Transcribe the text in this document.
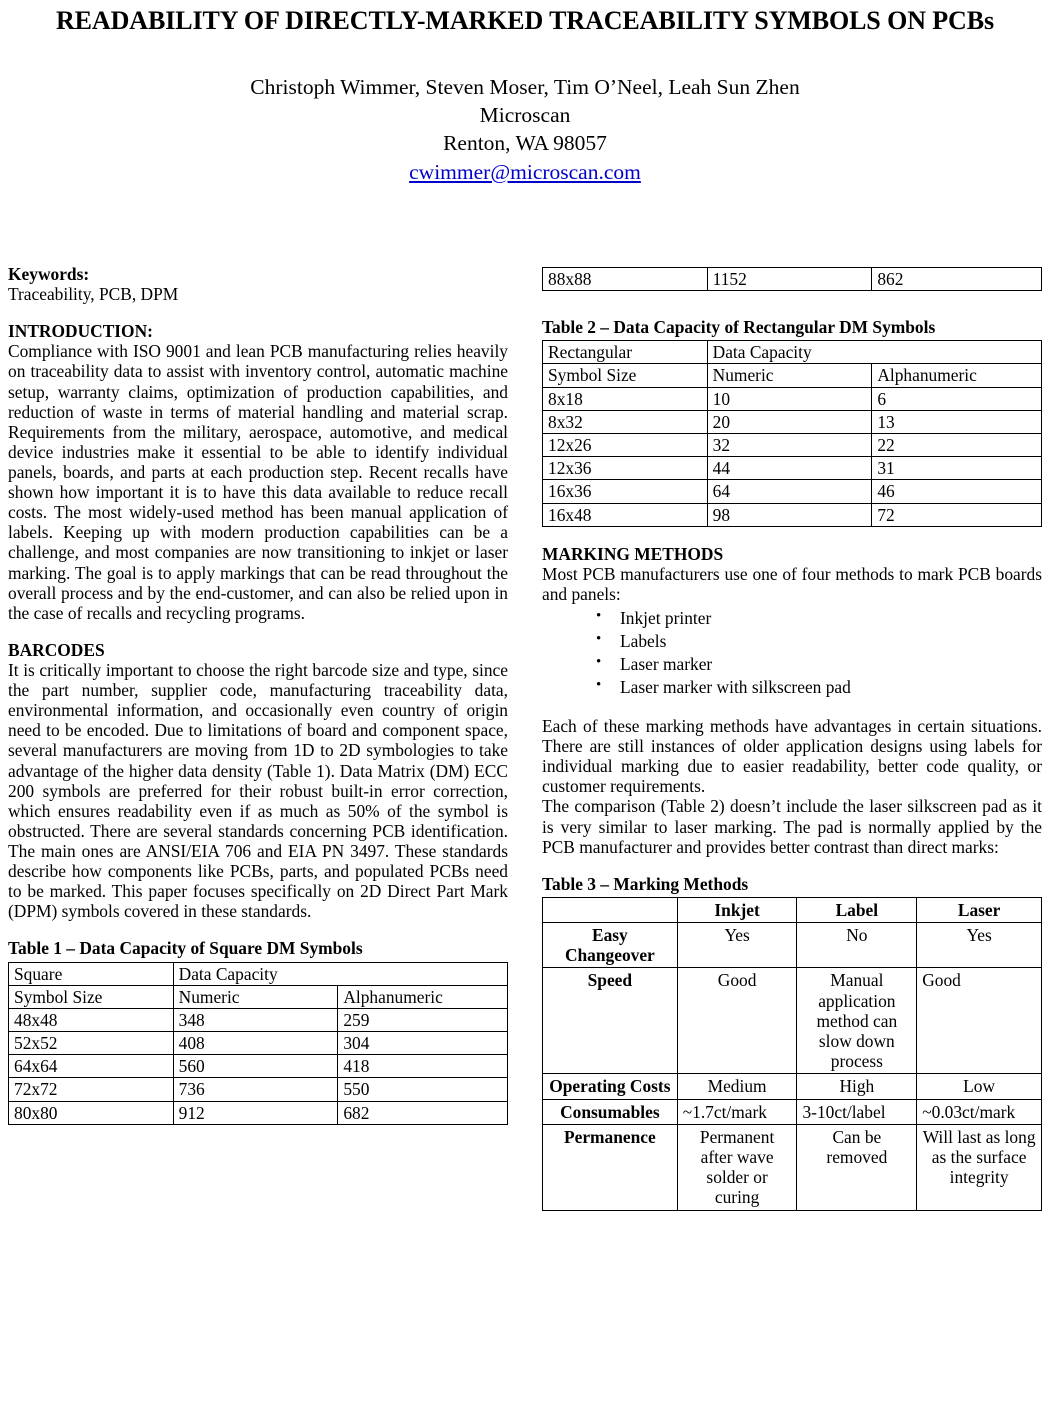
READABILITY OF DIRECTLY-MARKED TRACEABILITY SYMBOLS ON PCBs
Christoph Wimmer, Steven Moser, Tim O’Neel, Leah Sun Zhen
Microscan
Renton, WA 98057
cwimmer@microscan.com
Keywords:

Traceability, PCB, DPM

INTRODUCTION:

Compliance with ISO 9001 and lean PCB manufacturing relies heavily on traceability data to assist with inventory control, automatic machine setup, warranty claims, optimization of production capabilities, and reduction of waste in terms of material handling and material scrap. Requirements from the military, aerospace, automotive, and medical device industries make it essential to be able to identify individual panels, boards, and parts at each production step. Recent recalls have shown how important it is to have this data available to reduce recall costs. The most widely-used method has been manual application of labels. Keeping up with modern production capabilities can be a challenge, and most companies are now transitioning to inkjet or laser marking. The goal is to apply markings that can be read throughout the overall process and by the end-customer, and can also be relied upon in the case of recalls and recycling programs.

BARCODES

It is critically important to choose the right barcode size and type, since the part number, supplier code, manufacturing traceability data, environmental information, and occasionally even country of origin need to be encoded. Due to limitations of board and component space, several manufacturers are moving from 1D to 2D symbologies to take advantage of the higher data density (Table 1). Data Matrix (DM) ECC 200 symbols are preferred for their robust built-in error correction, which ensures readability even if as much as 50% of the symbol is obstructed. There are several standards concerning PCB identification. The main ones are ANSI/EIA 706 and EIA PN 3497. These standards describe how components like PCBs, parts, and populated PCBs need to be marked. This paper focuses specifically on 2D Direct Part Mark (DPM) symbols covered in these standards.

Table 1 – Data Capacity of Square DM Symbols
Square	Data Capacity	
Symbol Size	Numeric	Alphanumeric
48x48	348	259
52x52	408	304
64x64	560	418
72x72	736	550
80x80	912	682
88x88	1152	862
Table 2 – Data Capacity of Rectangular DM Symbols
Rectangular	Data Capacity	
Symbol Size	Numeric	Alphanumeric
8x18	10	6
8x32	20	13
12x26	32	22
12x36	44	31
16x36	64	46
16x48	98	72
MARKING METHODS

Most PCB manufacturers use one of four methods to mark PCB boards and panels:

• Inkjet printer
• Labels
• Laser marker
• Laser marker with silkscreen pad

Each of these marking methods have advantages in certain situations. There are still instances of older application designs using labels for individual marking due to easier readability, better code quality, or customer requirements.

The comparison (Table 2) doesn’t include the laser silkscreen pad as it is very similar to laser marking. The pad is normally applied by the PCB manufacturer and provides better contrast than direct marks:

Table 3 – Marking Methods
	Inkjet	Label	Laser
Easy Changeover	Yes	No	Yes
Speed	Good	Manual application method can slow down process	Good
Operating Costs	Medium	High	Low
Consumables	~1.7ct/mark	3-10ct/label	~0.03ct/mark
Permanence	Permanent after wave solder or curing	Can be removed	Will last as long as the surface integrity
